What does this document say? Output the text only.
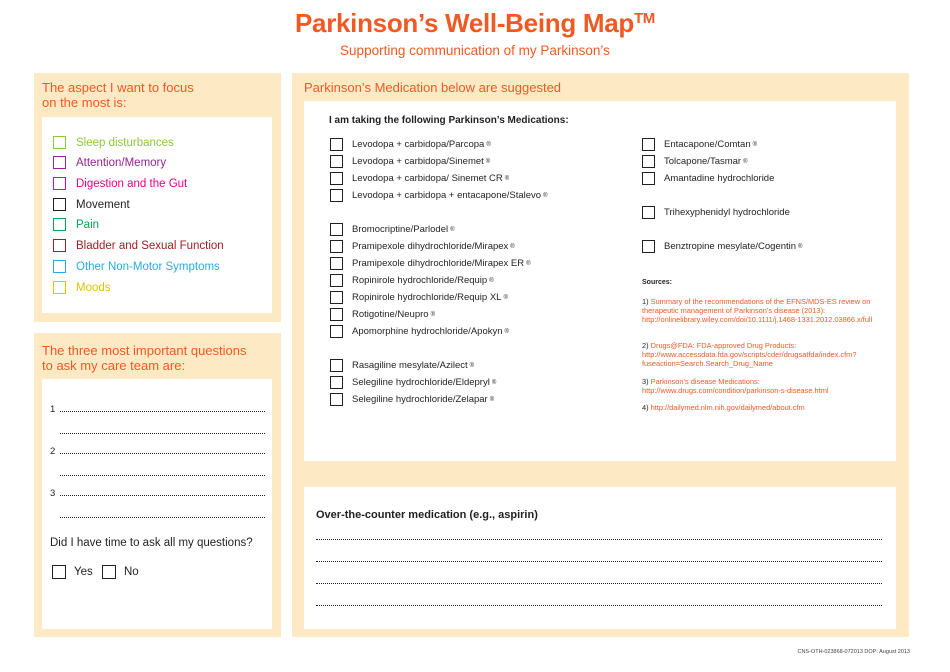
Parkinson’s Well-Being Map™
Supporting communication of my Parkinson’s
The aspect I want to focus
on the most is:
Sleep disturbances
Attention/Memory
Digestion and the Gut
Movement
Pain
Bladder and Sexual Function
Other Non-Motor Symptoms
Moods
The three most important questions
to ask my care team are:
1
2
3
Did I have time to ask all my questions?
Yes	No
Parkinson’s Medication below are suggested
I am taking the following Parkinson’s Medications:
Levodopa + carbidopa/Parcopa ®
Levodopa + carbidopa/Sinemet ®
Levodopa + carbidopa/ Sinemet CR ®
Levodopa + carbidopa + entacapone/Stalevo ®
Bromocriptine/Parlodel ®
Pramipexole dihydrochloride/Mirapex ®
Pramipexole dihydrochloride/Mirapex ER ®
Ropinirole hydrochloride/Requip ®
Ropinirole hydrochloride/Requip XL ®
Rotigotine/Neupro ®
Apomorphine hydrochloride/Apokyn ®
Rasagiline mesylate/Azilect ®
Selegiline hydrochloride/Eldepryl ®
Selegiline hydrochloride/Zelapar ®
Entacapone/Comtan ®
Tolcapone/Tasmar ®
Amantadine hydrochloride
Trihexyphenidyl hydrochloride
Benztropine mesylate/Cogentin ®
Sources:
1) Summary of the recommendations of the EFNS/MDS-ES review on therapeutic management of Parkinson’s disease (2013): http://onlinelibrary.wiley.com/doi/10.1111/j.1468-1331.2012.03866.x/full
2) Drugs@FDA: FDA-approved Drug Products: http://www.accessdata.fda.gov/scripts/cder/drugsatfda/index.cfm?fuseaction=Search.Search_Drug_Name
3) Parkinson’s disease Medications: http://www.drugs.com/condition/parkinson-s-disease.html
4) http://dailymed.nlm.nih.gov/dailymed/about.cfm
Over-the-counter medication (e.g., aspirin)
CNS-OTH-023868-072013 DOP: August 2013
